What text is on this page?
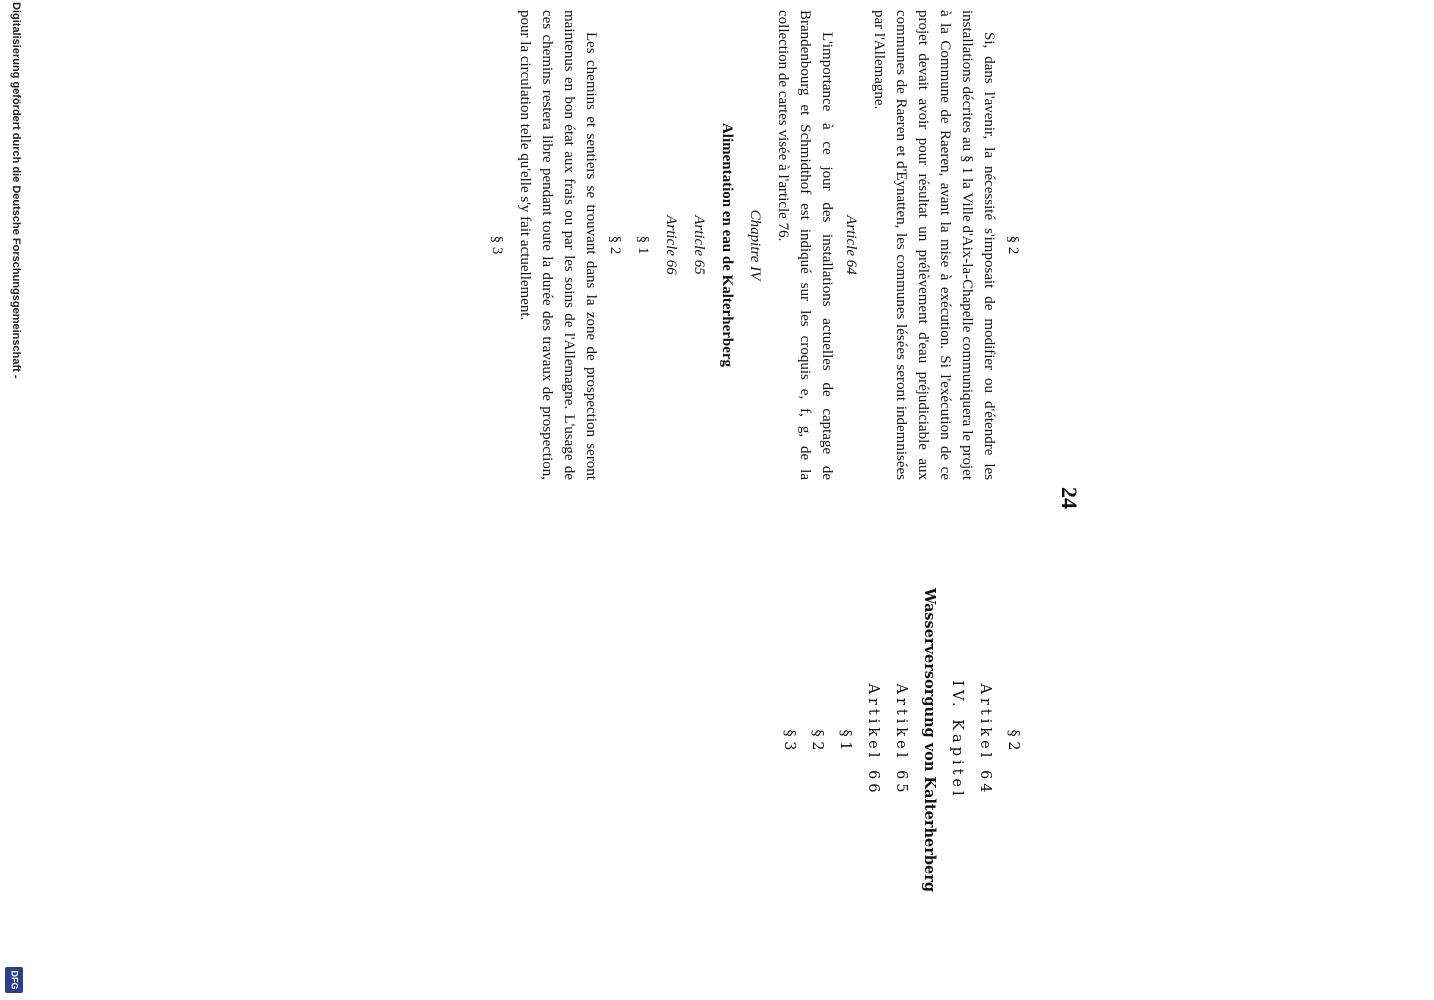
24

§ 2

Si, dans l'avenir, la nécessité s'imposait de modifier ou d'étendre les installations décrites au § 1 la Ville d'Aix-la-Chapelle communiquera le projet à la Commune de Raeren, avant la mise à exécution. Si l'exécution de ce projet devait avoir pour résultat un prélèvement d'eau préjudiciable aux communes de Raeren et d'Eynatten, les communes lésées seront indemnisées par l'Allemagne.

Article 64

L'importance à ce jour des installations actuelles de captage de Brandenbourg et Schmidthof est indiqué sur les croquis e, f, g, de la collection de cartes visée à l'article 76.

Chapitre IV

Alimentation en eau de Kalterherberg

Article 65

Article 66

§ 1

§ 2

Les chemins et sentiers se trouvant dans la zone de prospection seront maintenus en bon état aux frais ou par les soins de l'Allemagne. L'usage de ces chemins restera libre pendant toute la durée des travaux de prospection, pour la circulation telle qu'elle s'y fait actuellement.

§ 3

§ 2

Artikel 64

IV. Kapitel

Wasserversorgung von Kalterherberg

Artikel 65

Artikel 66

§ 1

§ 2

§ 3

Digitalisierung gefördert durch die Deutsche Forschungsgemeinschaft -
DFG
